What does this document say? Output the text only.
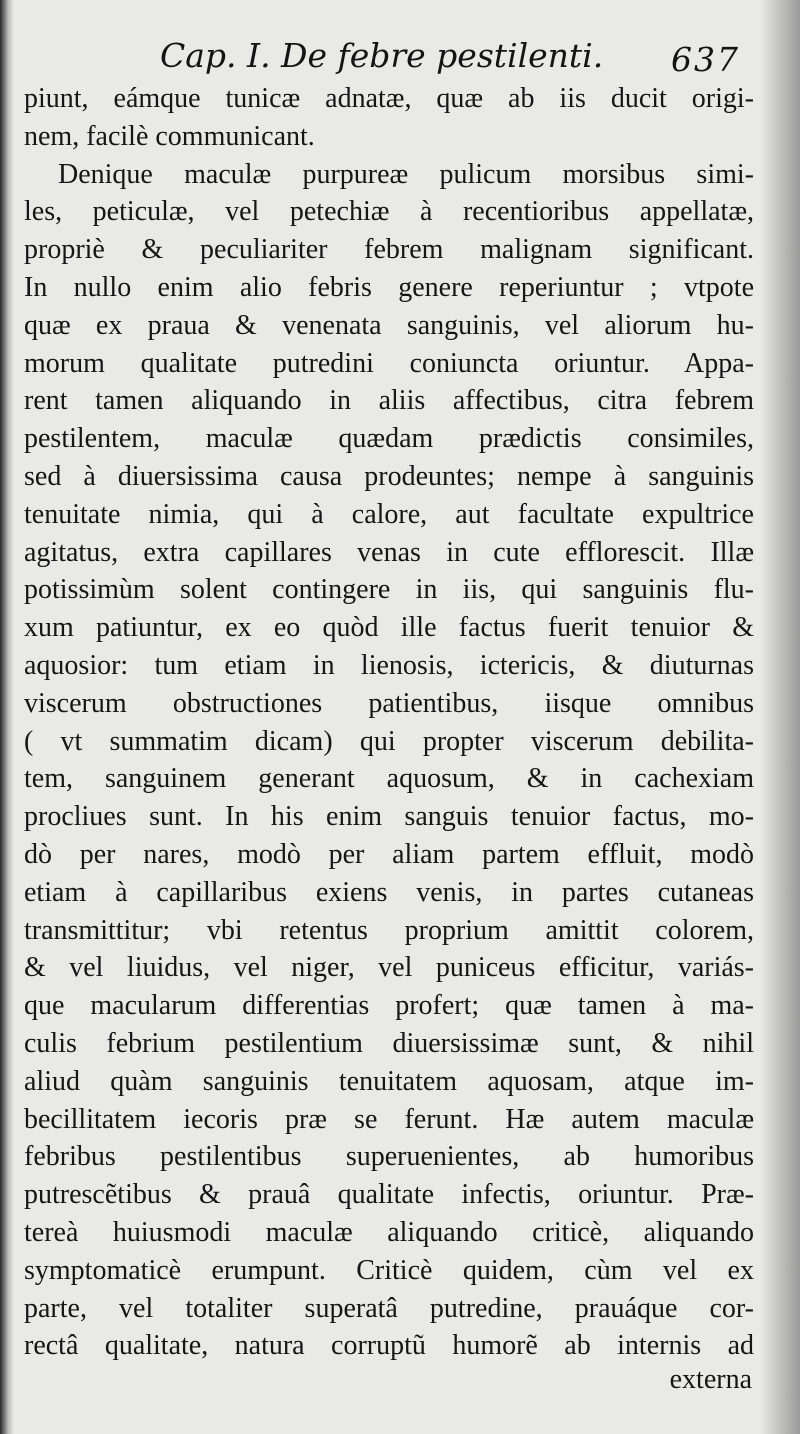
Cap. I. De febre pestilenti. 637
piunt, eámque tunicæ adnatæ, quæ ab iis ducit origi-
nem, facilè communicant.
Denique maculæ purpureæ pulicum morsibus simi-
les, peticulæ, vel petechiæ à recentioribus appellatæ,
propriè & peculiariter febrem malignam significant.
In nullo enim alio febris genere reperiuntur ; vtpote
quæ ex praua & venenata sanguinis, vel aliorum hu-
morum qualitate putredini coniuncta oriuntur. Appa-
rent tamen aliquando in aliis affectibus, citra febrem
pestilentem, maculæ quædam prædictis consimiles,
sed à diuersissima causa prodeuntes; nempe à sanguinis
tenuitate nimia, qui à calore, aut facultate expultrice
agitatus, extra capillares venas in cute efflorescit. Illæ
potissimùm solent contingere in iis, qui sanguinis flu-
xum patiuntur, ex eo quòd ille factus fuerit tenuior &
aquosior: tum etiam in lienosis, ictericis, & diuturnas
viscerum obstructiones patientibus, iisque omnibus
( vt summatim dicam) qui propter viscerum debilita-
tem, sanguinem generant aquosum, & in cachexiam
procliues sunt. In his enim sanguis tenuior factus, mo-
dò per nares, modò per aliam partem effluit, modò
etiam à capillaribus exiens venis, in partes cutaneas
transmittitur; vbi retentus proprium amittit colorem,
& vel liuidus, vel niger, vel puniceus efficitur, variás-
que macularum differentias profert; quæ tamen à ma-
culis febrium pestilentium diuersissimæ sunt, & nihil
aliud quàm sanguinis tenuitatem aquosam, atque im-
becillitatem iecoris præ se ferunt. Hæ autem maculæ
febribus pestilentibus superuenientes, ab humoribus
putrescẽtibus & prauâ qualitate infectis, oriuntur. Præ-
tereà huiusmodi maculæ aliquando criticè, aliquando
symptomaticè erumpunt. Criticè quidem, cùm vel ex
parte, vel totaliter superatâ putredine, prauáque cor-
rectâ qualitate, natura corruptũ humorẽ ab internis ad
externa
